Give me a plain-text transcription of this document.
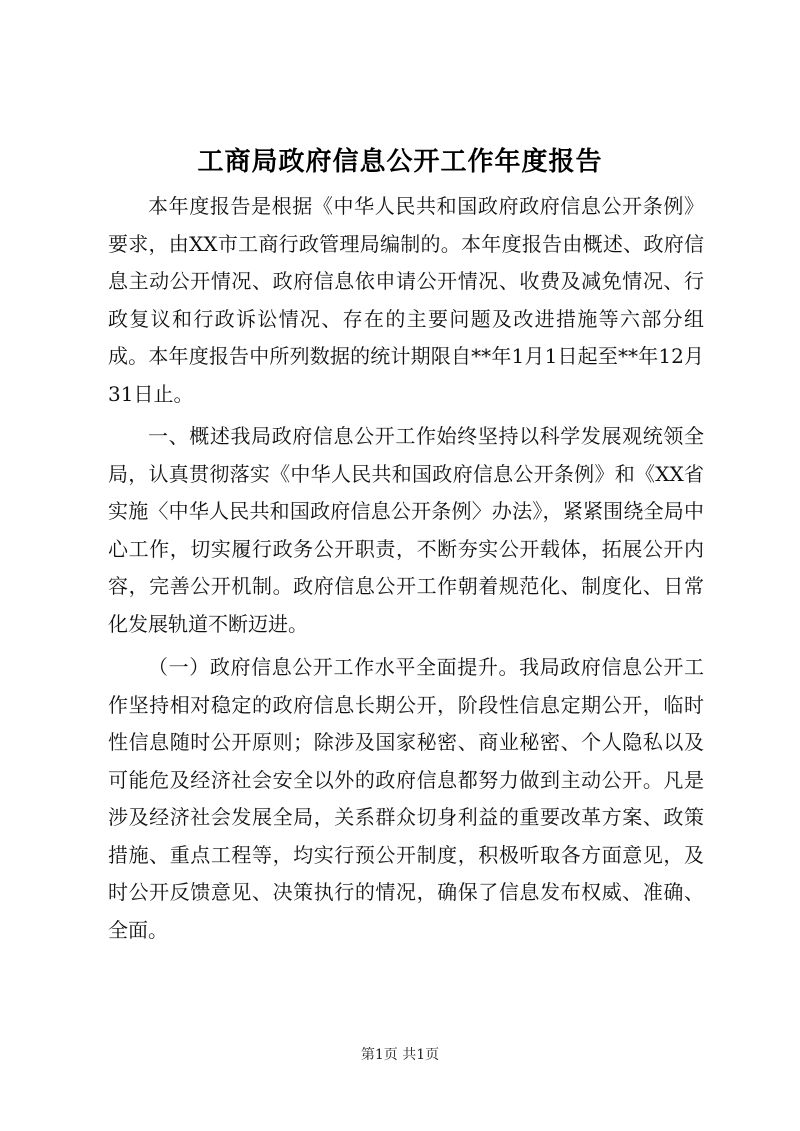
工商局政府信息公开工作年度报告

本年度报告是根据《中华人民共和国政府政府信息公开条例》要求，由XX市工商行政管理局编制的。本年度报告由概述、政府信息主动公开情况、政府信息依申请公开情况、收费及减免情况、行政复议和行政诉讼情况、存在的主要问题及改进措施等六部分组成。本年度报告中所列数据的统计期限自**年1月1日起至**年12月31日止。

一、概述我局政府信息公开工作始终坚持以科学发展观统领全局，认真贯彻落实《中华人民共和国政府信息公开条例》和《XX省实施〈中华人民共和国政府信息公开条例〉办法》，紧紧围绕全局中心工作，切实履行政务公开职责，不断夯实公开载体，拓展公开内容，完善公开机制。政府信息公开工作朝着规范化、制度化、日常化发展轨道不断迈进。

（一）政府信息公开工作水平全面提升。我局政府信息公开工作坚持相对稳定的政府信息长期公开，阶段性信息定期公开，临时性信息随时公开原则；除涉及国家秘密、商业秘密、个人隐私以及可能危及经济社会安全以外的政府信息都努力做到主动公开。凡是涉及经济社会发展全局，关系群众切身利益的重要改革方案、政策措施、重点工程等，均实行预公开制度，积极听取各方面意见，及时公开反馈意见、决策执行的情况，确保了信息发布权威、准确、全面。

第1页 共1页
